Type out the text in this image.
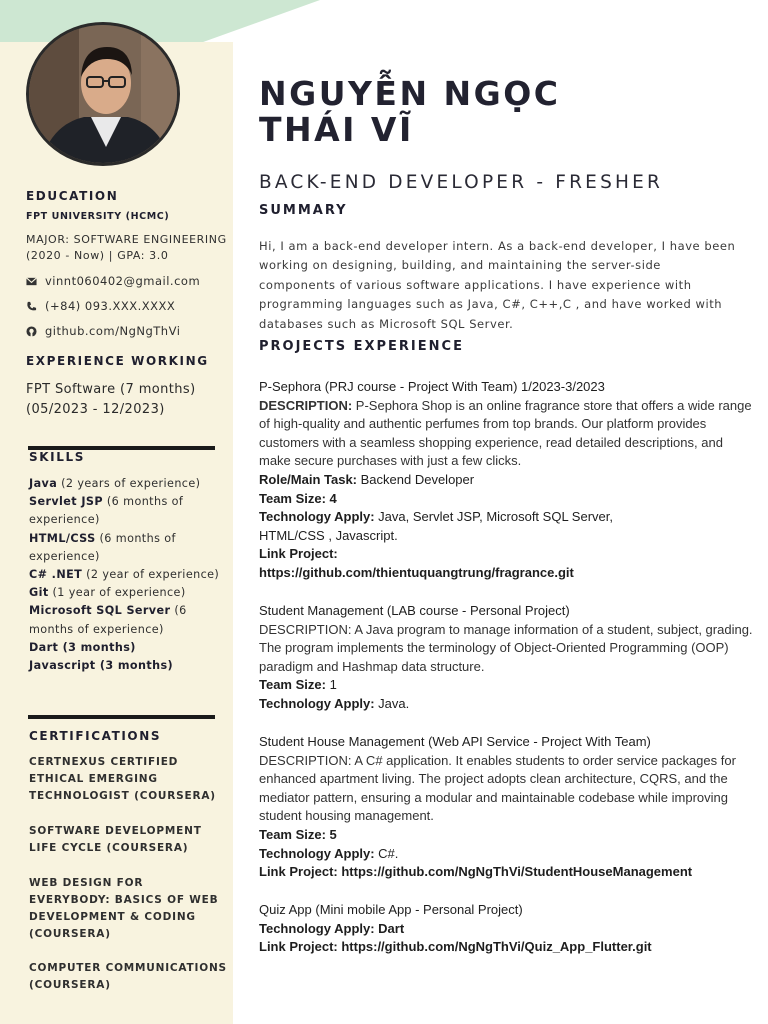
EDUCATION
FPT UNIVERSITY (HCMC)
MAJOR: SOFTWARE ENGINEERING
(2020 - Now) | GPA: 3.0
vinnt060402@gmail.com
(+84) 093.XXX.XXXX
github.com/NgNgThVi
EXPERIENCE WORKING
FPT Software (7 months)
(05/2023 - 12/2023)
SKILLS
Java (2 years of experience)
Servlet JSP (6 months of experience)
HTML/CSS (6 months of experience)
C# .NET (2 year of experience)
Git (1 year of experience)
Microsoft SQL Server (6 months of experience)
Dart (3 months)
Javascript (3 months)
CERTIFICATIONS
CERTNEXUS CERTIFIED ETHICAL EMERGING TECHNOLOGIST (COURSERA)
SOFTWARE DEVELOPMENT LIFE CYCLE (COURSERA)
WEB DESIGN FOR EVERYBODY: BASICS OF WEB DEVELOPMENT & CODING (COURSERA)
COMPUTER COMMUNICATIONS (COURSERA)
NGUYỄN NGỌC
THÁI VĨ
BACK-END DEVELOPER - FRESHER
SUMMARY
Hi, I am a back-end developer intern. As a back-end developer, I have been working on designing, building, and maintaining the server-side components of various software applications. I have experience with programming languages such as Java, C#, C++,C , and have worked with databases such as Microsoft SQL Server.
PROJECTS EXPERIENCE
P-Sephora (PRJ course - Project With Team) 1/2023-3/2023
DESCRIPTION: P-Sephora Shop is an online fragrance store that offers a wide range of high-quality and authentic perfumes from top brands. Our platform provides customers with a seamless shopping experience, read detailed descriptions, and make secure purchases with just a few clicks.
Role/Main Task: Backend Developer
Team Size: 4
Technology Apply: Java, Servlet JSP, Microsoft SQL Server, HTML/CSS , Javascript.
Link Project:
https://github.com/thientuquangtrung/fragrance.git
Student Management (LAB course - Personal Project)
DESCRIPTION: A Java program to manage information of a student, subject, grading. The program implements the terminology of Object-Oriented Programming (OOP) paradigm and Hashmap data structure.
Team Size: 1
Technology Apply: Java.
Student House Management (Web API Service - Project With Team)
DESCRIPTION: A C# application. It enables students to order service packages for enhanced apartment living. The project adopts clean architecture, CQRS, and the mediator pattern, ensuring a modular and maintainable codebase while improving student housing management.
Team Size: 5
Technology Apply: C#.
Link Project: https://github.com/NgNgThVi/StudentHouseManagement
Quiz App (Mini mobile App - Personal Project)
Technology Apply: Dart
Link Project: https://github.com/NgNgThVi/Quiz_App_Flutter.git
